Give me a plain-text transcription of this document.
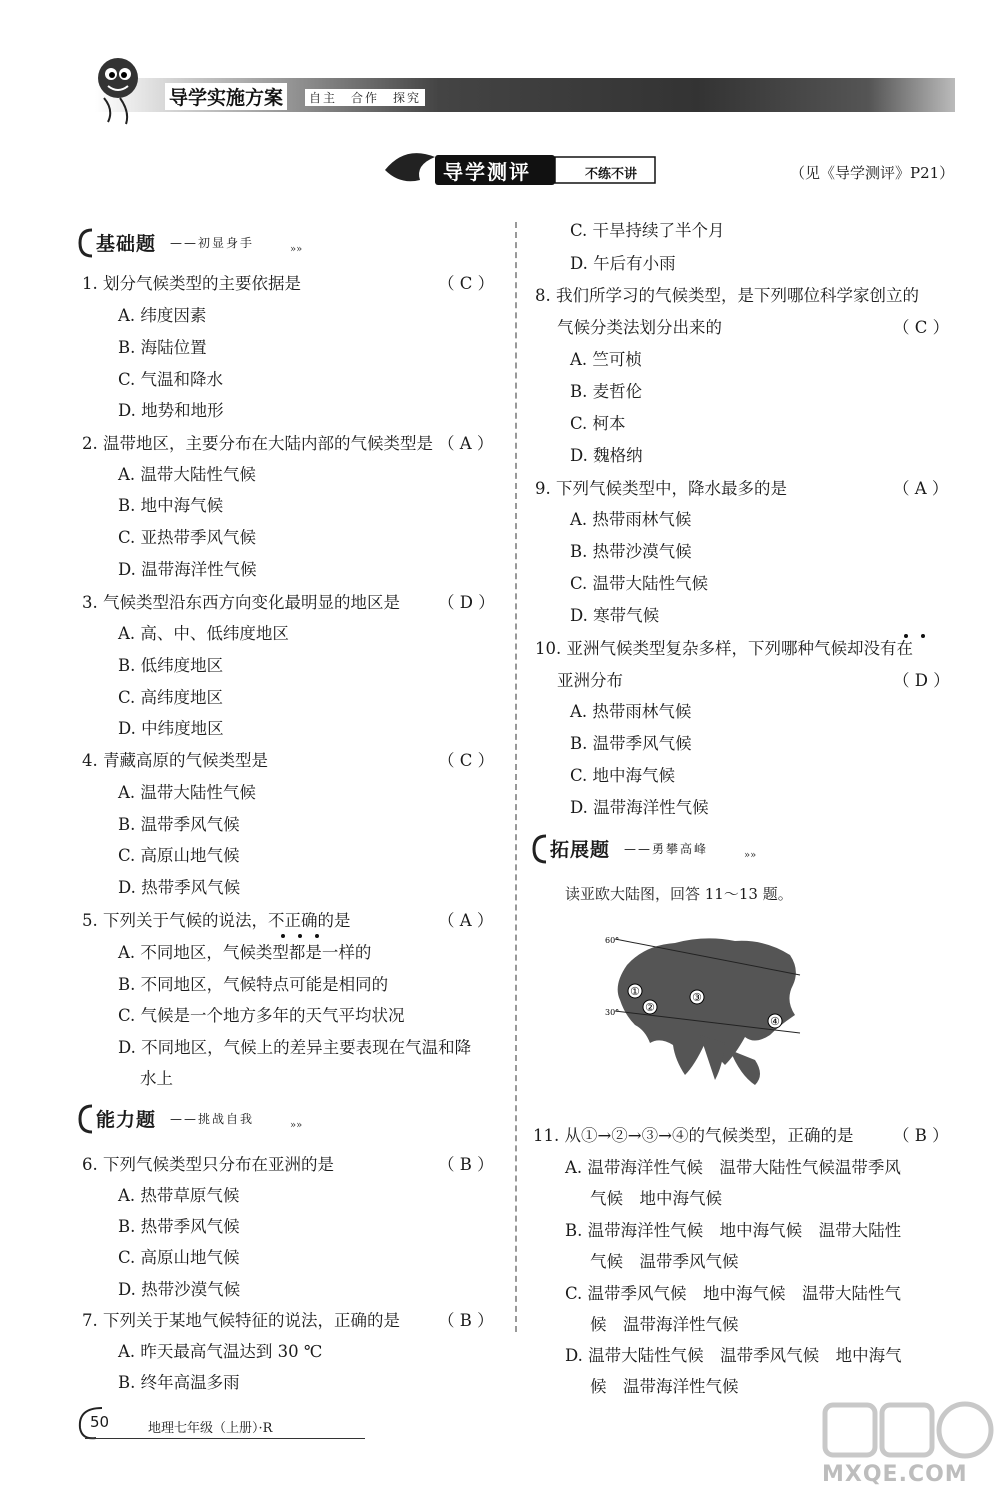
导学实施方案	自主　合作　探究
导学测评	不练不讲	（见《导学测评》P21）
»»
基础题 ——初显身手
»»
能力题 ——挑战自我
»»
拓展题 ——勇攀高峰
1. 划分气候类型的主要依据是	（ C ）
A. 纬度因素
B. 海陆位置
C. 气温和降水
D. 地势和地形
2. 温带地区，主要分布在大陆内部的气候类型是 （ A ）
A. 温带大陆性气候
B. 地中海气候
C. 亚热带季风气候
D. 温带海洋性气候
3. 气候类型沿东西方向变化最明显的地区是 （ D ）
A. 高、中、低纬度地区
B. 低纬度地区
C. 高纬度地区
D. 中纬度地区
4. 青藏高原的气候类型是	（ C ）
A. 温带大陆性气候
B. 温带季风气候
C. 高原山地气候
D. 热带季风气候
5. 下列关于气候的说法，不正确的是	（ A ）
A. 不同地区，气候类型都是一样的
B. 不同地区，气候特点可能是相同的
C. 气候是一个地方多年的天气平均状况
D. 不同地区，气候上的差异主要表现在气温和降
水上
6. 下列气候类型只分布在亚洲的是	（ B ）
A. 热带草原气候
B. 热带季风气候
C. 高原山地气候
D. 热带沙漠气候
7. 下列关于某地气候特征的说法，正确的是 （ B ）
A. 昨天最高气温达到 30 ℃
B. 终年高温多雨
C. 干旱持续了半个月
D. 午后有小雨
8. 我们所学习的气候类型，是下列哪位科学家创立的
气候分类法划分出来的	（ C ）
A. 竺可桢
B. 麦哲伦
C. 柯本
D. 魏格纳
9. 下列气候类型中，降水最多的是	（ A ）
A. 热带雨林气候
B. 热带沙漠气候
C. 温带大陆性气候
D. 寒带气候
10. 亚洲气候类型复杂多样，下列哪种气候却没有在
亚洲分布	（ D ）
A. 热带雨林气候
B. 温带季风气候
C. 地中海气候
D. 温带海洋性气候
读亚欧大陆图，回答 11～13 题。
60°
30°
①
②
③
④
11. 从①→②→③→④的气候类型，正确的是 （ B ）
A. 温带海洋性气候　温带大陆性气候温带季风
气候　地中海气候
B. 温带海洋性气候　地中海气候　温带大陆性
气候　温带季风气候
C. 温带季风气候　地中海气候　温带大陆性气
候　温带海洋性气候
D. 温带大陆性气候　温带季风气候　地中海气
候　温带海洋性气候
50	地理七年级（上册）·R
MXQE.COM
